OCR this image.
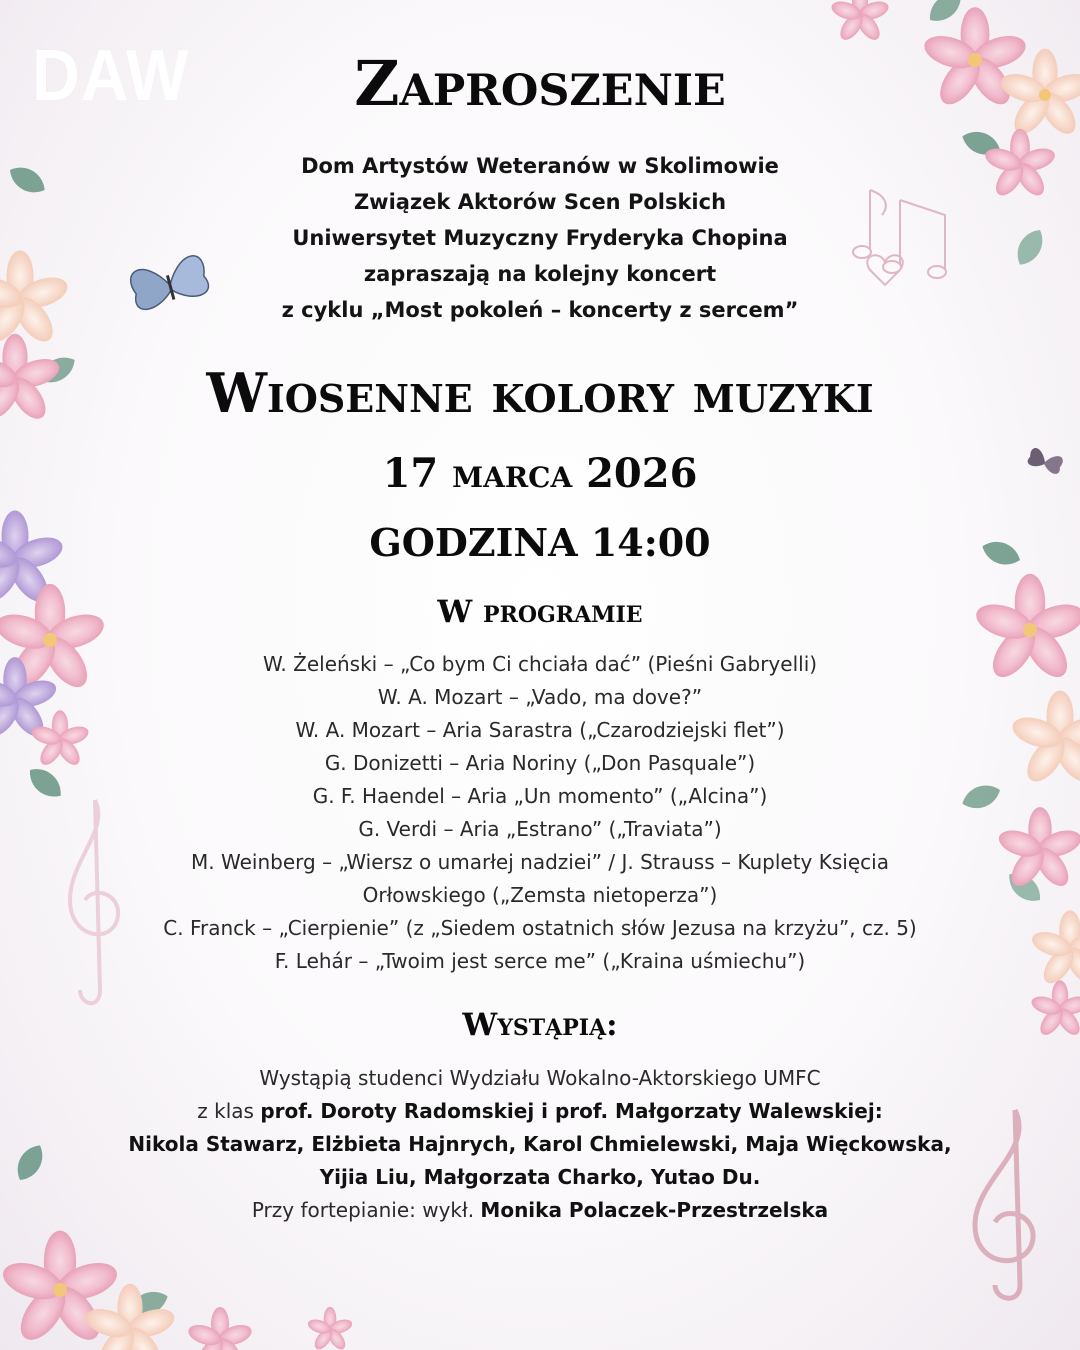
DAW	Zaproszenie
Dom Artystów Weteranów w Skolimowie
Związek Aktorów Scen Polskich
Uniwersytet Muzyczny Fryderyka Chopina
zapraszają na kolejny koncert
z cyklu „Most pokoleń – koncerty z sercem”
Wiosenne kolory muzyki
17 marca 2026
GODZINA 14:00
W programie
W. Żeleński – „Co bym Ci chciała dać” (Pieśni Gabryelli)
W. A. Mozart – „Vado, ma dove?”
W. A. Mozart – Aria Sarastra („Czarodziejski flet”)
G. Donizetti – Aria Noriny („Don Pasquale”)
G. F. Haendel – Aria „Un momento” („Alcina”)
G. Verdi – Aria „Estrano” („Traviata”)
M. Weinberg – „Wiersz o umarłej nadziei” / J. Strauss – Kuplety Księcia
Orłowskiego („Zemsta nietoperza”)
C. Franck – „Cierpienie” (z „Siedem ostatnich słów Jezusa na krzyżu”, cz. 5)
F. Lehár – „Twoim jest serce me” („Kraina uśmiechu”)
Wystąpią:
Wystąpią studenci Wydziału Wokalno-Aktorskiego UMFC
z klas prof. Doroty Radomskiej i prof. Małgorzaty Walewskiej:
Nikola Stawarz, Elżbieta Hajnrych, Karol Chmielewski, Maja Więckowska,
Yijia Liu, Małgorzata Charko, Yutao Du.
Przy fortepianie: wykł. Monika Polaczek-Przestrzelska
